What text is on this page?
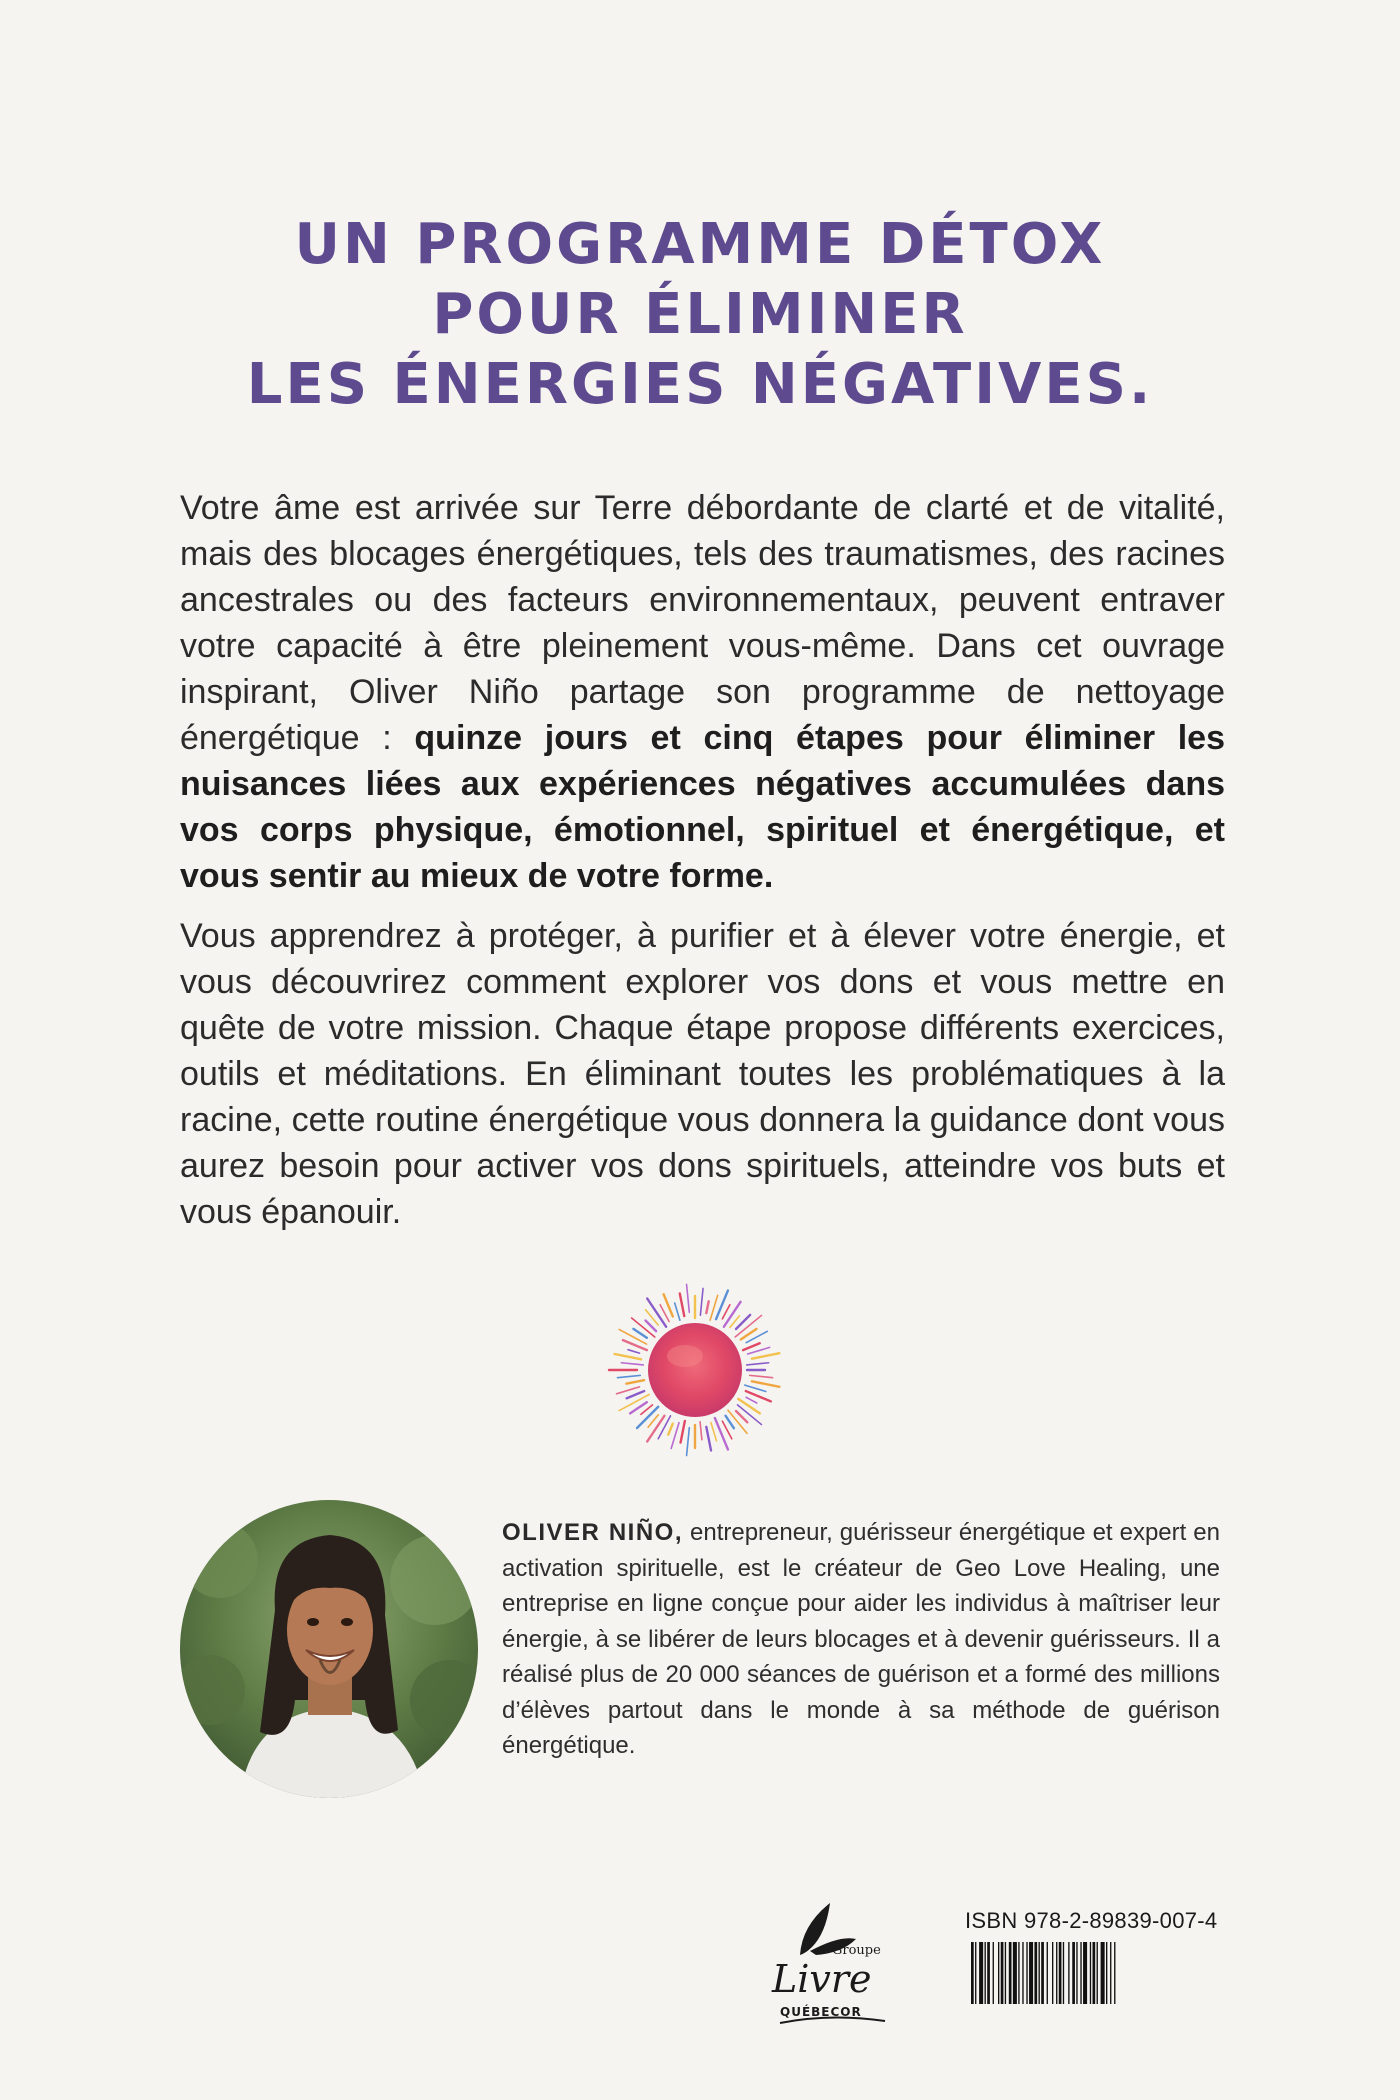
UN PROGRAMME DÉTOX
POUR ÉLIMINER
LES ÉNERGIES NÉGATIVES.

Votre âme est arrivée sur Terre débordante de clarté et de vitalité, mais des blocages énergétiques, tels des traumatismes, des racines ancestrales ou des facteurs environnementaux, peuvent entraver votre capacité à être pleinement vous-même. Dans cet ouvrage inspirant, Oliver Niño partage son programme de nettoyage énergétique : quinze jours et cinq étapes pour éliminer les nuisances liées aux expériences négatives accumulées dans vos corps physique, émotionnel, spirituel et énergétique, et vous sentir au mieux de votre forme.

Vous apprendrez à protéger, à purifier et à élever votre énergie, et vous découvrirez comment explorer vos dons et vous mettre en quête de votre mission. Chaque étape propose différents exercices, outils et méditations. En éliminant toutes les problématiques à la racine, cette routine énergétique vous donnera la guidance dont vous aurez besoin pour activer vos dons spirituels, atteindre vos buts et vous épanouir.

OLIVER NIÑO, entrepreneur, guérisseur énergétique et expert en activation spirituelle, est le créateur de Geo Love Healing, une entreprise en ligne conçue pour aider les individus à maîtriser leur énergie, à se libérer de leurs blocages et à devenir guérisseurs. Il a réalisé plus de 20 000 séances de guérison et a formé des millions d’élèves partout dans le monde à sa méthode de guérison énergétique.
Groupe
Livre
QUÉBECOR
ISBN 978-2-89839-007-4
